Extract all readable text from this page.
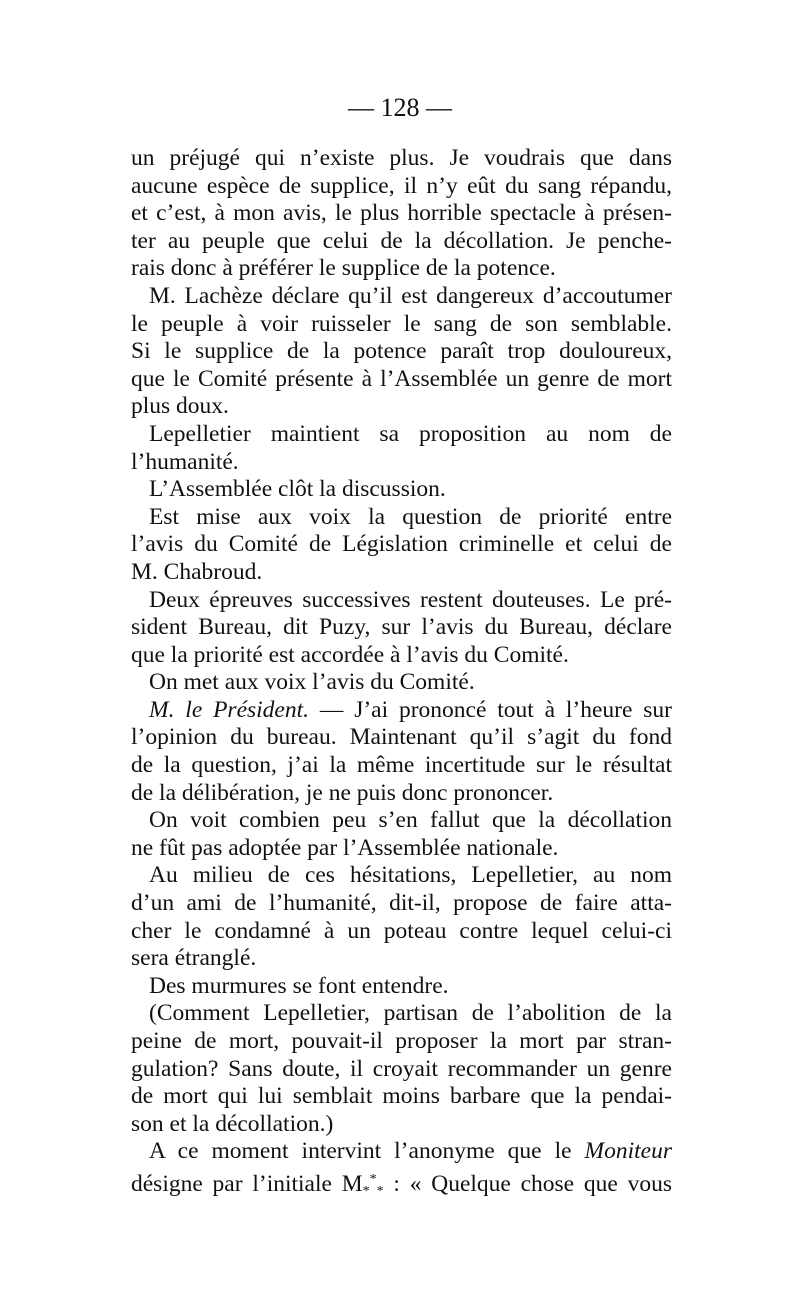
— 128 —
un préjugé qui n’existe plus. Je voudrais que dans
aucune espèce de supplice, il n’y eût du sang répandu,
et c’est, à mon avis, le plus horrible spectacle à présen-
ter au peuple que celui de la décollation. Je penche-
rais donc à préférer le supplice de la potence.
M. Lachèze déclare qu’il est dangereux d’accoutumer
le peuple à voir ruisseler le sang de son semblable.
Si le supplice de la potence paraît trop douloureux,
que le Comité présente à l’Assemblée un genre de mort
plus doux.
Lepelletier maintient sa proposition au nom de
l’humanité.
L’Assemblée clôt la discussion.
Est mise aux voix la question de priorité entre
l’avis du Comité de Législation criminelle et celui de
M. Chabroud.
Deux épreuves successives restent douteuses. Le pré-
sident Bureau, dit Puzy, sur l’avis du Bureau, déclare
que la priorité est accordée à l’avis du Comité.
On met aux voix l’avis du Comité.
M. le Président. — J’ai prononcé tout à l’heure sur
l’opinion du bureau. Maintenant qu’il s’agit du fond
de la question, j’ai la même incertitude sur le résultat
de la délibération, je ne puis donc prononcer.
On voit combien peu s’en fallut que la décollation
ne fût pas adoptée par l’Assemblée nationale.
Au milieu de ces hésitations, Lepelletier, au nom
d’un ami de l’humanité, dit-il, propose de faire atta-
cher le condamné à un poteau contre lequel celui-ci
sera étranglé.
Des murmures se font entendre.
(Comment Lepelletier, partisan de l’abolition de la
peine de mort, pouvait-il proposer la mort par stran-
gulation? Sans doute, il croyait recommander un genre
de mort qui lui semblait moins barbare que la pendai-
son et la décollation.)
A ce moment intervint l’anonyme que le Moniteur
désigne par l’initiale $M_*^*_*$ : « Quelque chose que vous
